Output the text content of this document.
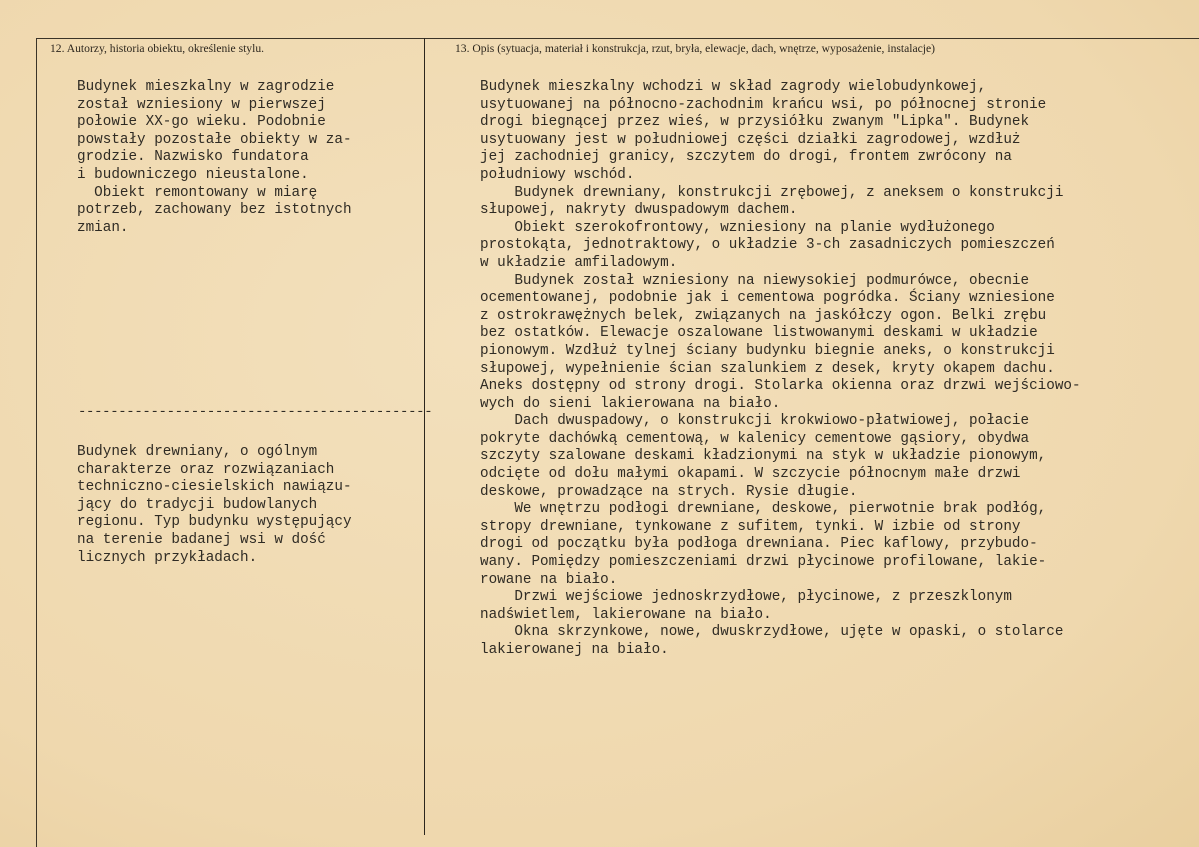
12. Autorzy, historia obiektu, określenie stylu.	13. Opis (sytuacja, materiał i konstrukcja, rzut, bryła, elewacje, dach, wnętrze, wyposażenie, instalacje)
Budynek mieszkalny w zagrodzie
został wzniesiony w pierwszej
połowie XX-go wieku. Podobnie
powstały pozostałe obiekty w za-
grodzie. Nazwisko fundatora
i budowniczego nieustalone.
Obiekt remontowany w miarę
potrzeb, zachowany bez istotnych
zmian.
--------------------------------------------
Budynek drewniany, o ogólnym
charakterze oraz rozwiązaniach
techniczno-ciesielskich nawiązu-
jący do tradycji budowlanych
regionu. Typ budynku występujący
na terenie badanej wsi w dość
licznych przykładach.
Budynek mieszkalny wchodzi w skład zagrody wielobudynkowej,
usytuowanej na północno-zachodnim krańcu wsi, po północnej stronie
drogi biegnącej przez wieś, w przysiółku zwanym "Lipka". Budynek
usytuowany jest w południowej części działki zagrodowej, wzdłuż
jej zachodniej granicy, szczytem do drogi, frontem zwrócony na
południowy wschód.
Budynek drewniany, konstrukcji zrębowej, z aneksem o konstrukcji
słupowej, nakryty dwuspadowym dachem.
Obiekt szerokofrontowy, wzniesiony na planie wydłużonego
prostokąta, jednotraktowy, o układzie 3-ch zasadniczych pomieszczeń
w układzie amfiladowym.
Budynek został wzniesiony na niewysokiej podmurówce, obecnie
ocementowanej, podobnie jak i cementowa pogródka. Ściany wzniesione
z ostrokrawężnych belek, związanych na jaskółczy ogon. Belki zrębu
bez ostatków. Elewacje oszalowane listwowanymi deskami w układzie
pionowym. Wzdłuż tylnej ściany budynku biegnie aneks, o konstrukcji
słupowej, wypełnienie ścian szalunkiem z desek, kryty okapem dachu.
Aneks dostępny od strony drogi. Stolarka okienna oraz drzwi wejściowo-
wych do sieni lakierowana na biało.
Dach dwuspadowy, o konstrukcji krokwiowo-płatwiowej, połacie
pokryte dachówką cementową, w kalenicy cementowe gąsiory, obydwa
szczyty szalowane deskami kładzionymi na styk w układzie pionowym,
odcięte od dołu małymi okapami. W szczycie północnym małe drzwi
deskowe, prowadzące na strych. Rysie długie.
We wnętrzu podłogi drewniane, deskowe, pierwotnie brak podłóg,
stropy drewniane, tynkowane z sufitem, tynki. W izbie od strony
drogi od początku była podłoga drewniana. Piec kaflowy, przybudo-
wany. Pomiędzy pomieszczeniami drzwi płycinowe profilowane, lakie-
rowane na biało.
Drzwi wejściowe jednoskrzydłowe, płycinowe, z przeszklonym
nadświetlem, lakierowane na biało.
Okna skrzynkowe, nowe, dwuskrzydłowe, ujęte w opaski, o stolarce
lakierowanej na biało.
